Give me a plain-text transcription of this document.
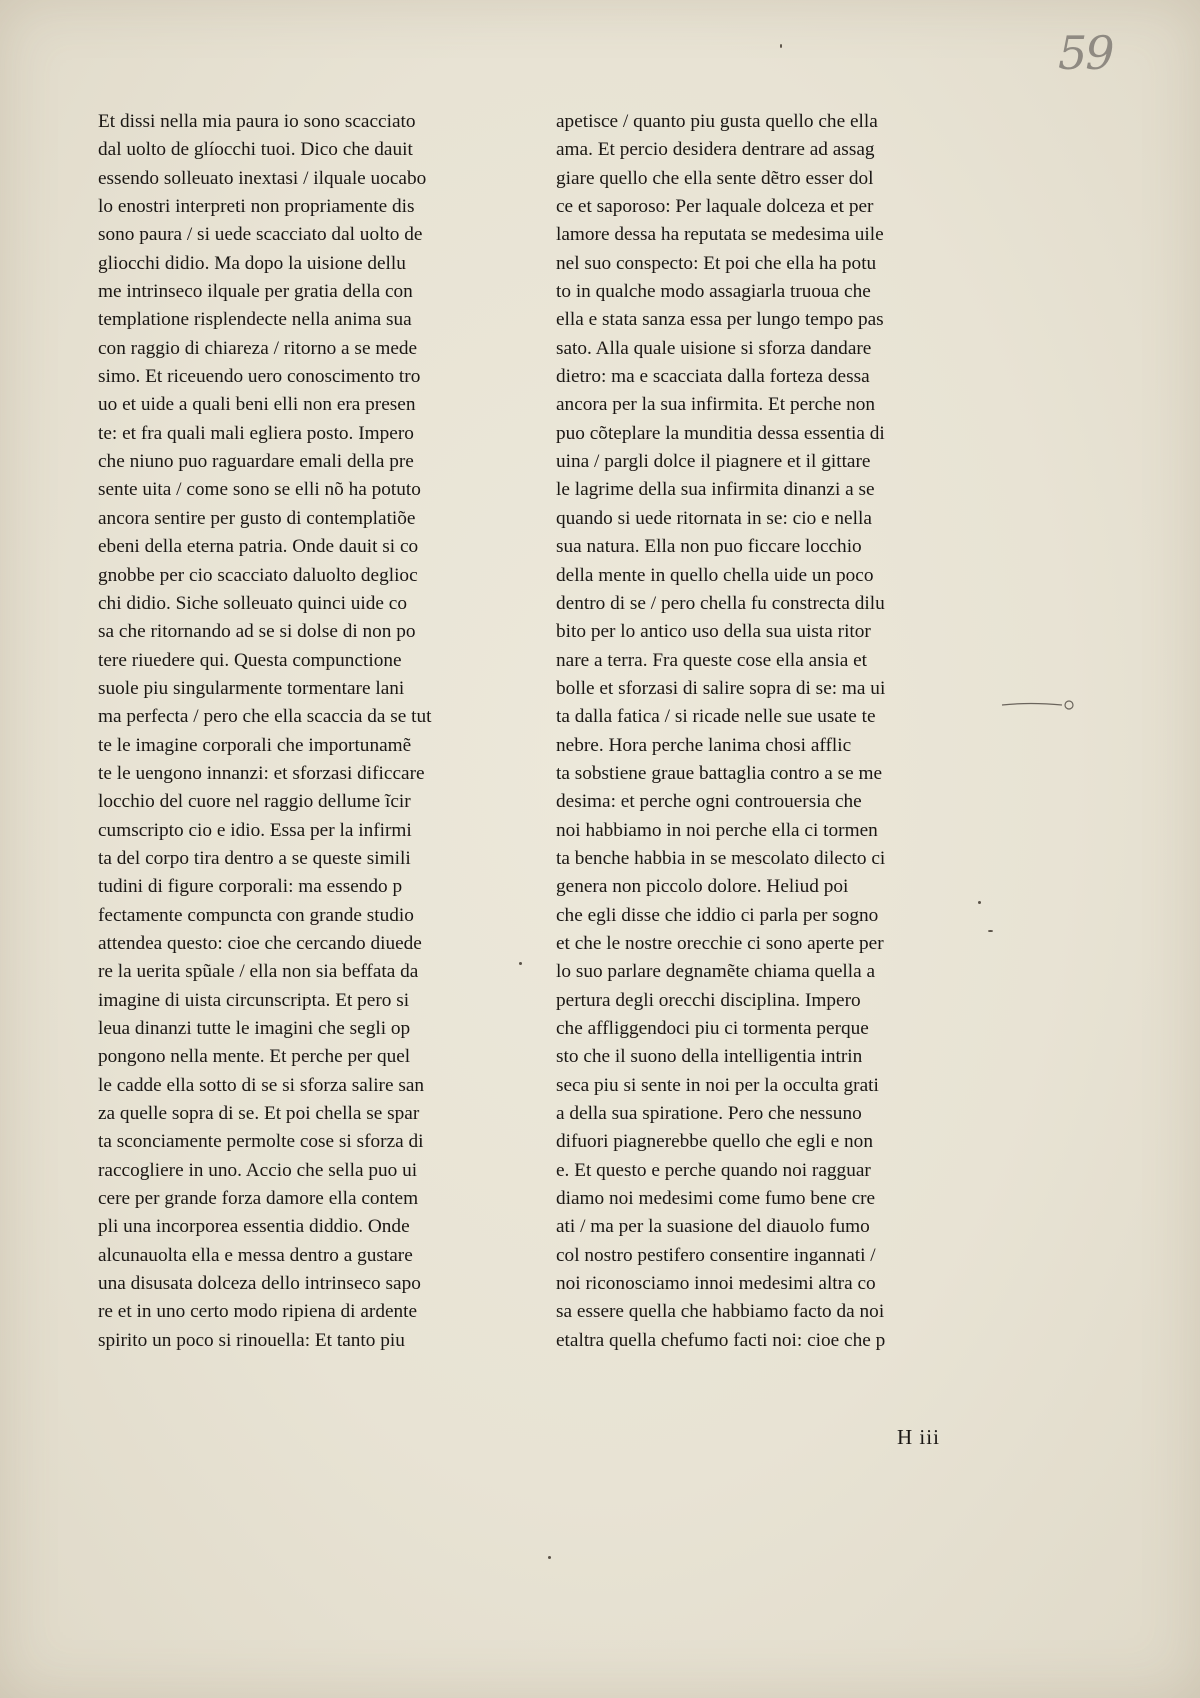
59
Et dissi nella mia paura io sono scacciato
dal uolto de glíocchi tuoi. Dico che dauit
essendo solleuato inextasi / ilquale uocabo
lo enostri interpreti non propriamente dis
sono paura / si uede scacciato dal uolto de
gliocchi didio. Ma dopo la uisione dellu
me intrinseco ilquale per gratia della con
templatione risplendecte nella anima sua
con raggio di chiareza / ritorno a se mede
simo. Et riceuendo uero conoscimento tro
uo et uide a quali beni elli non era presen
te: et fra quali mali egliera posto. Impero
che niuno puo raguardare emali della pre
sente uita / come sono se elli nõ ha potuto
ancora sentire per gusto di contemplatiõe
ebeni della eterna patria. Onde dauit si co
gnobbe per cio scacciato daluolto deglioc
chi didio. Siche solleuato quinci uide co
sa che ritornando ad se si dolse di non po
tere riuedere qui. Questa compunctione
suole piu singularmente tormentare lani
ma perfecta / pero che ella scaccia da se tut
te le imagine corporali che importunamẽ
te le uengono innanzi: et sforzasi dificcare
locchio del cuore nel raggio dellume ĩcir
cumscripto cio e idio. Essa per la infirmi
ta del corpo tira dentro a se queste simili
tudini di figure corporali: ma essendo p
fectamente compuncta con grande studio
attendea questo: cioe che cercando diuede
re la uerita spũale / ella non sia beffata da
imagine di uista circunscripta. Et pero si
leua dinanzi tutte le imagini che segli op
pongono nella mente. Et perche per quel
le cadde ella sotto di se si sforza salire san
za quelle sopra di se. Et poi chella se spar
ta sconciamente permolte cose si sforza di
raccogliere in uno. Accio che sella puo ui
cere per grande forza damore ella contem
pli una incorporea essentia diddio. Onde
alcunauolta ella e messa dentro a gustare
una disusata dolceza dello intrinseco sapo
re et in uno certo modo ripiena di ardente
spirito un poco si rinouella: Et tanto piu
apetisce / quanto piu gusta quello che ella
ama. Et percio desidera dentrare ad assag
giare quello che ella sente dẽtro esser dol
ce et saporoso: Per laquale dolceza et per
lamore dessa ha reputata se medesima uile
nel suo conspecto: Et poi che ella ha potu
to in qualche modo assagiarla truoua che
ella e stata sanza essa per lungo tempo pas
sato. Alla quale uisione si sforza dandare
dietro: ma e scacciata dalla forteza dessa
ancora per la sua infirmita. Et perche non
puo cõteplare la munditia dessa essentia di
uina / pargli dolce il piagnere et il gittare
le lagrime della sua infirmita dinanzi a se
quando si uede ritornata in se: cio e nella
sua natura. Ella non puo ficcare locchio
della mente in quello chella uide un poco
dentro di se / pero chella fu constrecta dilu
bito per lo antico uso della sua uista ritor
nare a terra. Fra queste cose ella ansia et
bolle et sforzasi di salire sopra di se: ma ui
ta dalla fatica / si ricade nelle sue usate te
nebre. Hora perche lanima chosi afflic
ta sobstiene graue battaglia contro a se me
desima: et perche ogni controuersia che
noi habbiamo in noi perche ella ci tormen
ta benche habbia in se mescolato dilecto ci
genera non piccolo dolore. Heliud poi
che egli disse che iddio ci parla per sogno
et che le nostre orecchie ci sono aperte per
lo suo parlare degnamẽte chiama quella a
pertura degli orecchi disciplina. Impero
che affliggendoci piu ci tormenta perque
sto che il suono della intelligentia intrin
seca piu si sente in noi per la occulta grati
a della sua spiratione. Pero che nessuno
difuori piagnerebbe quello che egli e non
e. Et questo e perche quando noi ragguar
diamo noi medesimi come fumo bene cre
ati / ma per la suasione del diauolo fumo
col nostro pestifero consentire ingannati /
noi riconosciamo innoi medesimi altra co
sa essere quella che habbiamo facto da noi
etaltra quella chefumo facti noi: cioe che p
H iii
